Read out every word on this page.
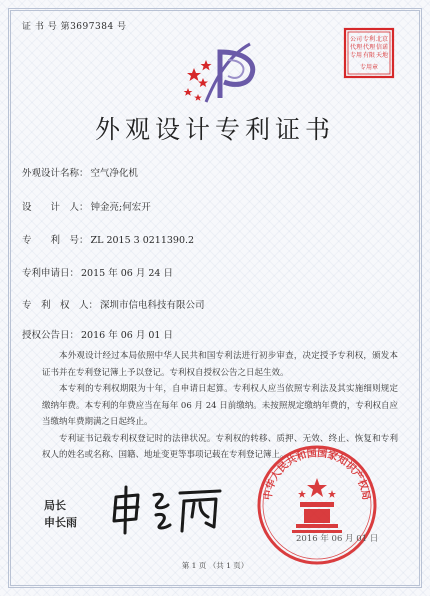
证 书 号 第3697384 号
北京
信诺
天地
专利
代理
有限
公司
代理
专用
专用章
外观设计专利证书
外观设计名称： 空气净化机
设　　计　人： 钟金亮;何宏开
专　　利　号： ZL 2015 3 0211390.2
专利申请日： 2015 年 06 月 24 日
专　利　权　人： 深圳市信电科技有限公司
授权公告日： 2016 年 06 月 01 日

本外观设计经过本局依照中华人民共和国专利法进行初步审查，决定授予专利权，颁发本证书并在专利登记簿上予以登记。专利权自授权公告之日起生效。

本专利的专利权期限为十年，自申请日起算。专利权人应当依照专利法及其实施细则规定缴纳年费。本专利的年费应当在每年 06 月 24 日前缴纳。未按照规定缴纳年费的，专利权自应当缴纳年费期满之日起终止。

专利证书记载专利权登记时的法律状况。专利权的转移、质押、无效、终止、恢复和专利权人的姓名或名称、国籍、地址变更等事项记载在专利登记簿上。

局长
申长雨
中华人民共和国国家知识产权局
2016 年 06 月 01 日
第 1 页 （共 1 页）
